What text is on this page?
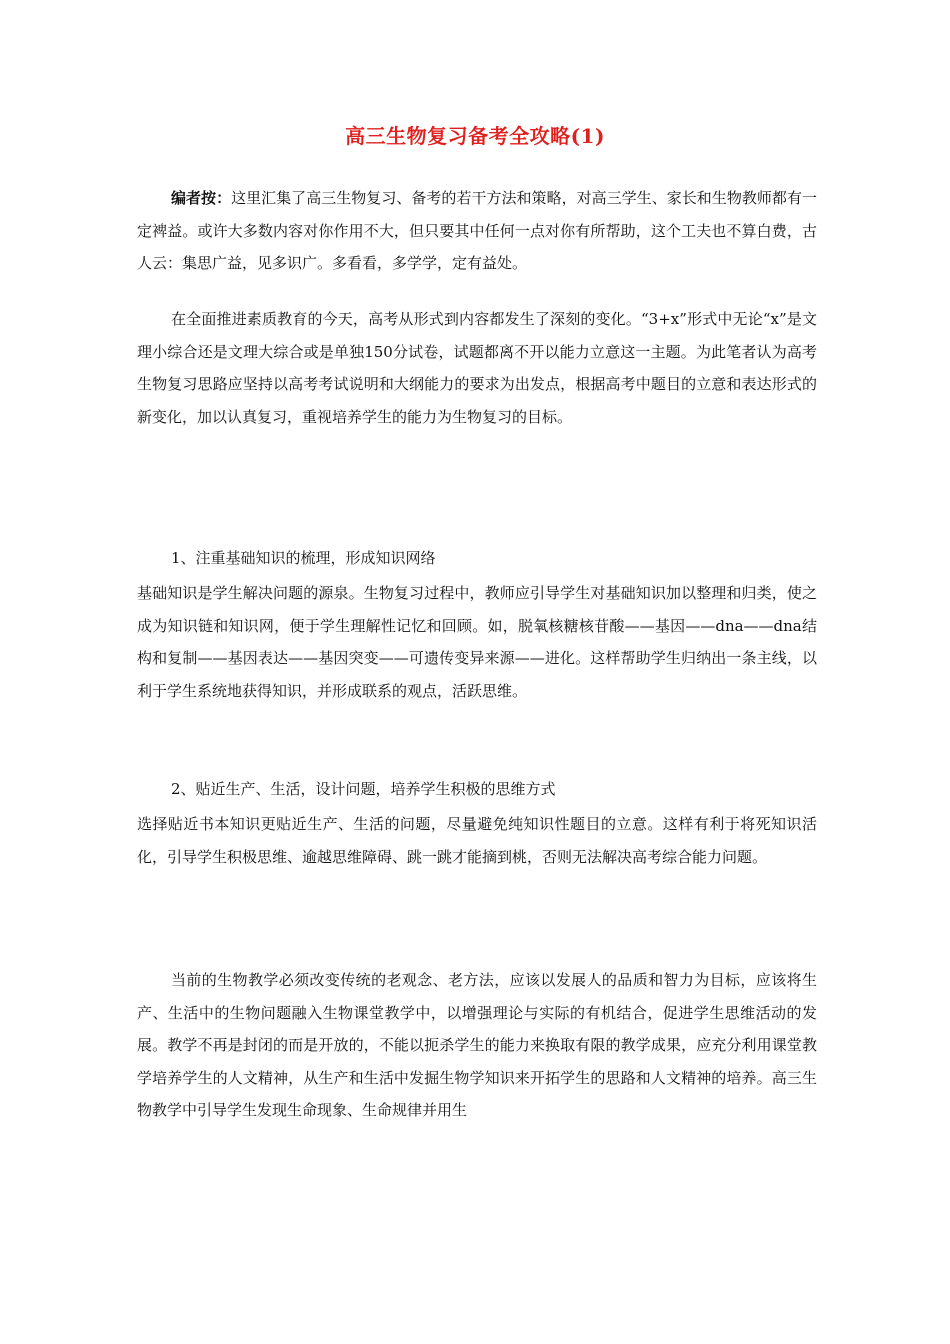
高三生物复习备考全攻略(1)

编者按：这里汇集了高三生物复习、备考的若干方法和策略，对高三学生、家长和生物教师都有一定裨益。或许大多数内容对你作用不大，但只要其中任何一点对你有所帮助，这个工夫也不算白费，古人云：集思广益，见多识广。多看看，多学学，定有益处。

在全面推进素质教育的今天，高考从形式到内容都发生了深刻的变化。“3+x”形式中无论“x”是文理小综合还是文理大综合或是单独150分试卷，试题都离不开以能力立意这一主题。为此笔者认为高考生物复习思路应坚持以高考考试说明和大纲能力的要求为出发点，根据高考中题目的立意和表达形式的新变化，加以认真复习，重视培养学生的能力为生物复习的目标。

1、注重基础知识的梳理，形成知识网络

基础知识是学生解决问题的源泉。生物复习过程中，教师应引导学生对基础知识加以整理和归类，使之成为知识链和知识网，便于学生理解性记忆和回顾。如，脱氧核糖核苷酸——基因——dna——dna结构和复制——基因表达——基因突变——可遗传变异来源——进化。这样帮助学生归纳出一条主线，以利于学生系统地获得知识，并形成联系的观点，活跃思维。

2、贴近生产、生活，设计问题，培养学生积极的思维方式

选择贴近书本知识更贴近生产、生活的问题，尽量避免纯知识性题目的立意。这样有利于将死知识活化，引导学生积极思维、逾越思维障碍、跳一跳才能摘到桃，否则无法解决高考综合能力问题。

当前的生物教学必须改变传统的老观念、老方法，应该以发展人的品质和智力为目标，应该将生产、生活中的生物问题融入生物课堂教学中，以增强理论与实际的有机结合，促进学生思维活动的发展。教学不再是封闭的而是开放的，不能以扼杀学生的能力来换取有限的教学成果，应充分利用课堂教学培养学生的人文精神，从生产和生活中发掘生物学知识来开拓学生的思路和人文精神的培养。高三生物教学中引导学生发现生命现象、生命规律并用生
